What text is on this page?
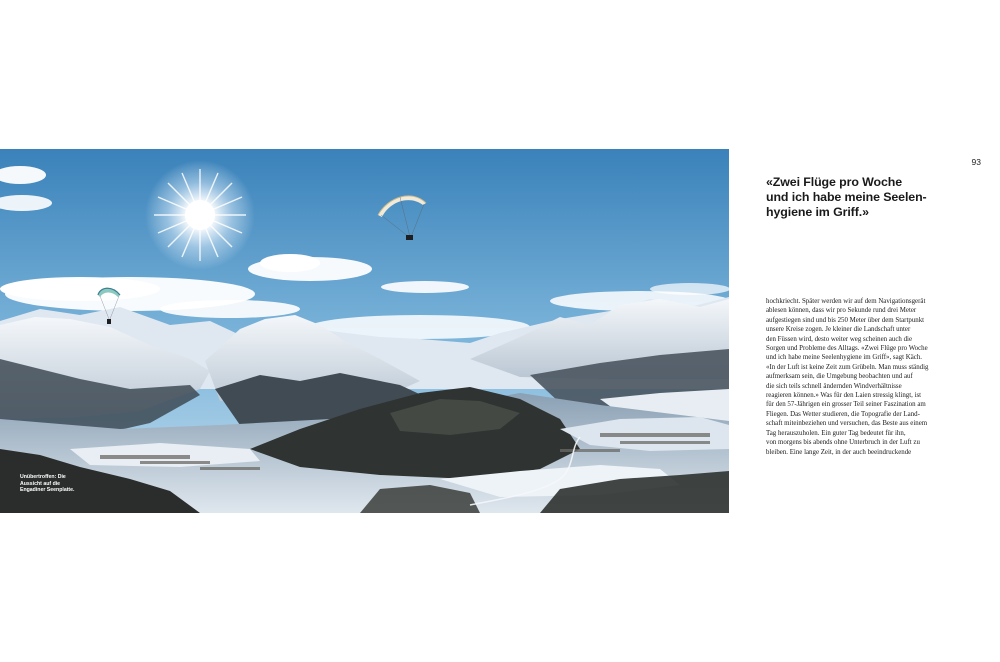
Unübertroffen: Die
Aussicht auf die
Engadiner Seenplatte.
93
«Zwei Flüge pro Woche
und ich habe meine Seelen-
hygiene im Griff.»
hochkriecht. Später werden wir auf dem Navigationsgerät
ablesen können, dass wir pro Sekunde rund drei Meter
aufgestiegen sind und bis 250 Meter über dem Startpunkt
unsere Kreise zogen. Je kleiner die Landschaft unter
den Füssen wird, desto weiter weg scheinen auch die
Sorgen und Probleme des Alltags. «Zwei Flüge pro Woche
und ich habe meine Seelenhygiene im Griff», sagt Käch.
«In der Luft ist keine Zeit zum Grübeln. Man muss ständig
aufmerksam sein, die Umgebung beobachten und auf
die sich teils schnell ändernden Windverhältnisse
reagieren können.» Was für den Laien stressig klingt, ist
für den 57-Jährigen ein grosser Teil seiner Faszination am
Fliegen. Das Wetter studieren, die Topografie der Land-
schaft miteinbeziehen und versuchen, das Beste aus einem
Tag herauszuholen. Ein guter Tag bedeutet für ihn,
von morgens bis abends ohne Unterbruch in der Luft zu
bleiben. Eine lange Zeit, in der auch beeindruckende
